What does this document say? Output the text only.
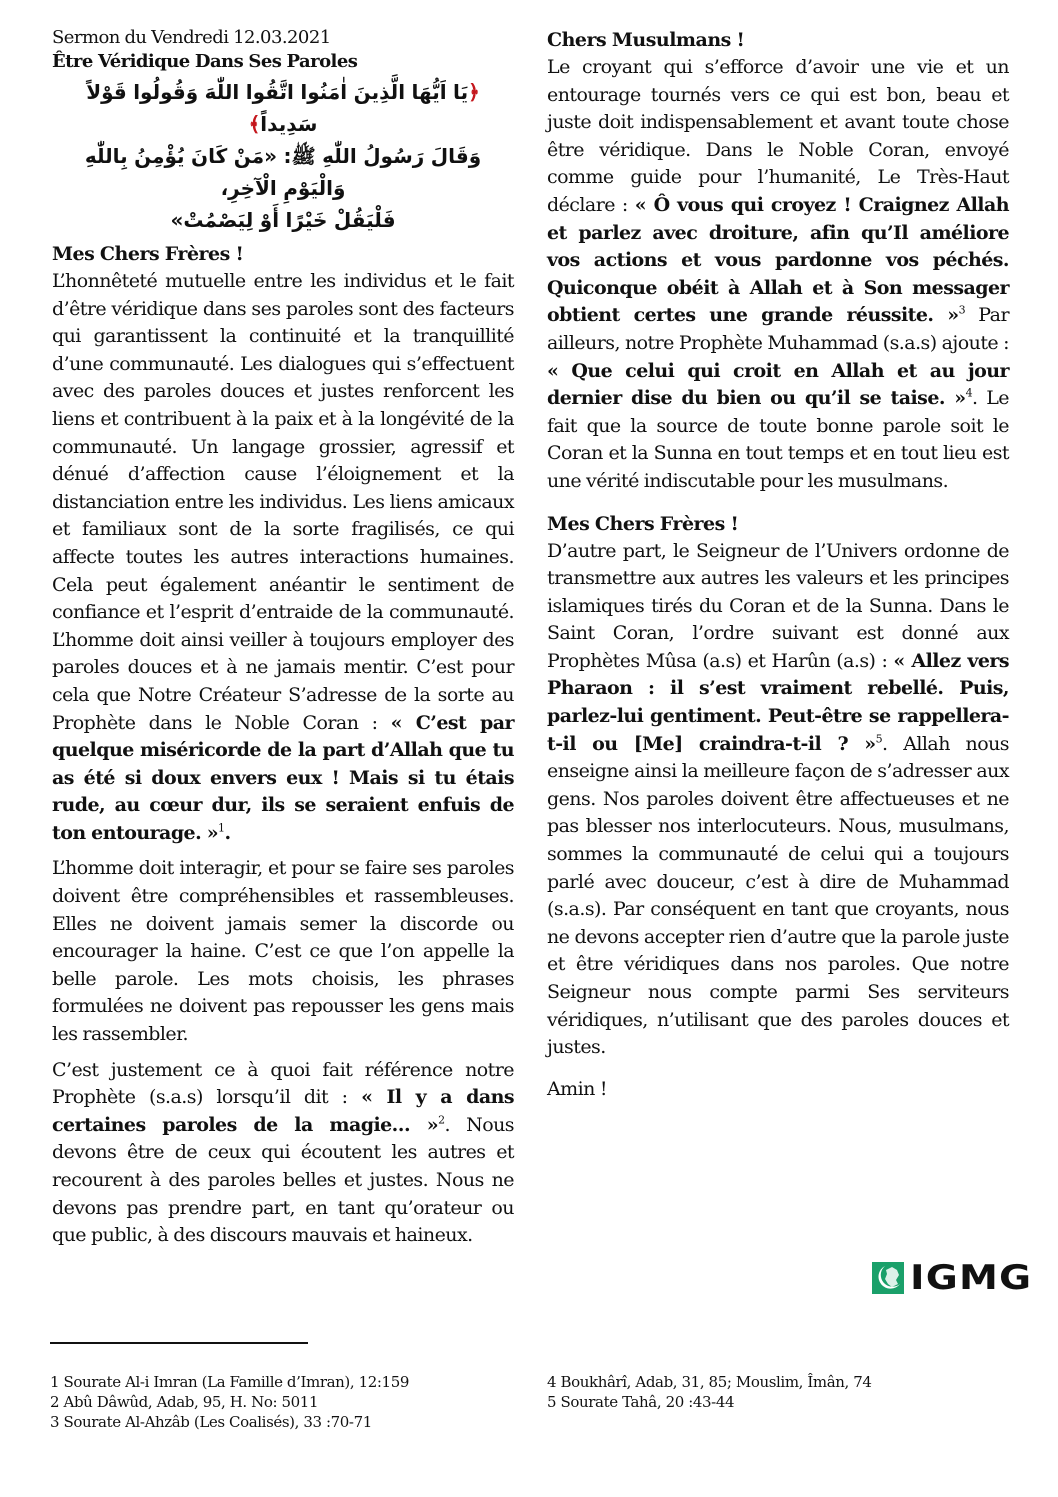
Sermon du Vendredi 12.03.2021

Être Véridique Dans Ses Paroles

﴿يَا اَيُّهَا الَّذِينَ اٰمَنُوا اتَّقُوا اللّٰهَ وَقُولُوا قَوْلاً سَدِيداً﴾
وَقَالَ رَسُولُ اللّٰهِ ﷺ: «مَنْ كَانَ يُؤْمِنُ بِاللّٰهِ وَالْيَوْمِ الْآخِرِ،
فَلْيَقُلْ خَيْرًا أَوْ لِيَصْمُتْ»
Mes Chers Frères !

L’honnêteté mutuelle entre les individus et le fait d’être véridique dans ses paroles sont des facteurs qui garantissent la continuité et la tranquillité d’une communauté. Les dialogues qui s’effectuent avec des paroles douces et justes renforcent les liens et contribuent à la paix et à la longévité de la communauté. Un langage grossier, agressif et dénué d’affection cause l’éloignement et la distanciation entre les individus. Les liens amicaux et familiaux sont de la sorte fragilisés, ce qui affecte toutes les autres interactions humaines. Cela peut également anéantir le sentiment de confiance et l’esprit d’entraide de la communauté. L’homme doit ainsi veiller à toujours employer des paroles douces et à ne jamais mentir. C’est pour cela que Notre Créateur S’adresse de la sorte au Prophète dans le Noble Coran : « C’est par quelque miséricorde de la part d’Allah que tu as été si doux envers eux ! Mais si tu étais rude, au cœur dur, ils se seraient enfuis de ton entourage. »$^1$.

L’homme doit interagir, et pour se faire ses paroles doivent être compréhensibles et rassembleuses. Elles ne doivent jamais semer la discorde ou encourager la haine. C’est ce que l’on appelle la belle parole. Les mots choisis, les phrases formulées ne doivent pas repousser les gens mais les rassembler.

C’est justement ce à quoi fait référence notre Prophète (s.a.s) lorsqu’il dit : « Il y a dans certaines paroles de la magie… »$^2$. Nous devons être de ceux qui écoutent les autres et recourent à des paroles belles et justes. Nous ne devons pas prendre part, en tant qu’orateur ou que public, à des discours mauvais et haineux.

Chers Musulmans !

Le croyant qui s’efforce d’avoir une vie et un entourage tournés vers ce qui est bon, beau et juste doit indispensablement et avant toute chose être véridique. Dans le Noble Coran, envoyé comme guide pour l’humanité, Le Très-Haut déclare : « Ô vous qui croyez ! Craignez Allah et parlez avec droiture, afin qu’Il améliore vos actions et vous pardonne vos péchés. Quiconque obéit à Allah et à Son messager obtient certes une grande réussite. »$^3$ Par ailleurs, notre Prophète Muhammad (s.a.s) ajoute : « Que celui qui croit en Allah et au jour dernier dise du bien ou qu’il se taise. »$^4$. Le fait que la source de toute bonne parole soit le Coran et la Sunna en tout temps et en tout lieu est une vérité indiscutable pour les musulmans.

Mes Chers Frères !

D’autre part, le Seigneur de l’Univers ordonne de transmettre aux autres les valeurs et les principes islamiques tirés du Coran et de la Sunna. Dans le Saint Coran, l’ordre suivant est donné aux Prophètes Mûsa (a.s) et Harûn (a.s) : « Allez vers Pharaon : il s’est vraiment rebellé. Puis, parlez-lui gentiment. Peut-être se rappellera-t-il ou [Me] craindra-t-il ? »$^5$. Allah nous enseigne ainsi la meilleure façon de s’adresser aux gens. Nos paroles doivent être affectueuses et ne pas blesser nos interlocuteurs. Nous, musulmans, sommes la communauté de celui qui a toujours parlé avec douceur, c’est à dire de Muhammad (s.a.s). Par conséquent en tant que croyants, nous ne devons accepter rien d’autre que la parole juste et être véridiques dans nos paroles. Que notre Seigneur nous compte parmi Ses serviteurs véridiques, n’utilisant que des paroles douces et justes.

Amin !

IGMG
1 Sourate Al-i Imran (La Famille d’Imran), 12:159
2 Abû Dâwûd, Adab, 95, H. No: 5011
3 Sourate Al-Ahzâb (Les Coalisés), 33 :70-71
4 Boukhârî, Adab, 31, 85; Mouslim, Îmân, 74
5 Sourate Tahâ, 20 :43-44
